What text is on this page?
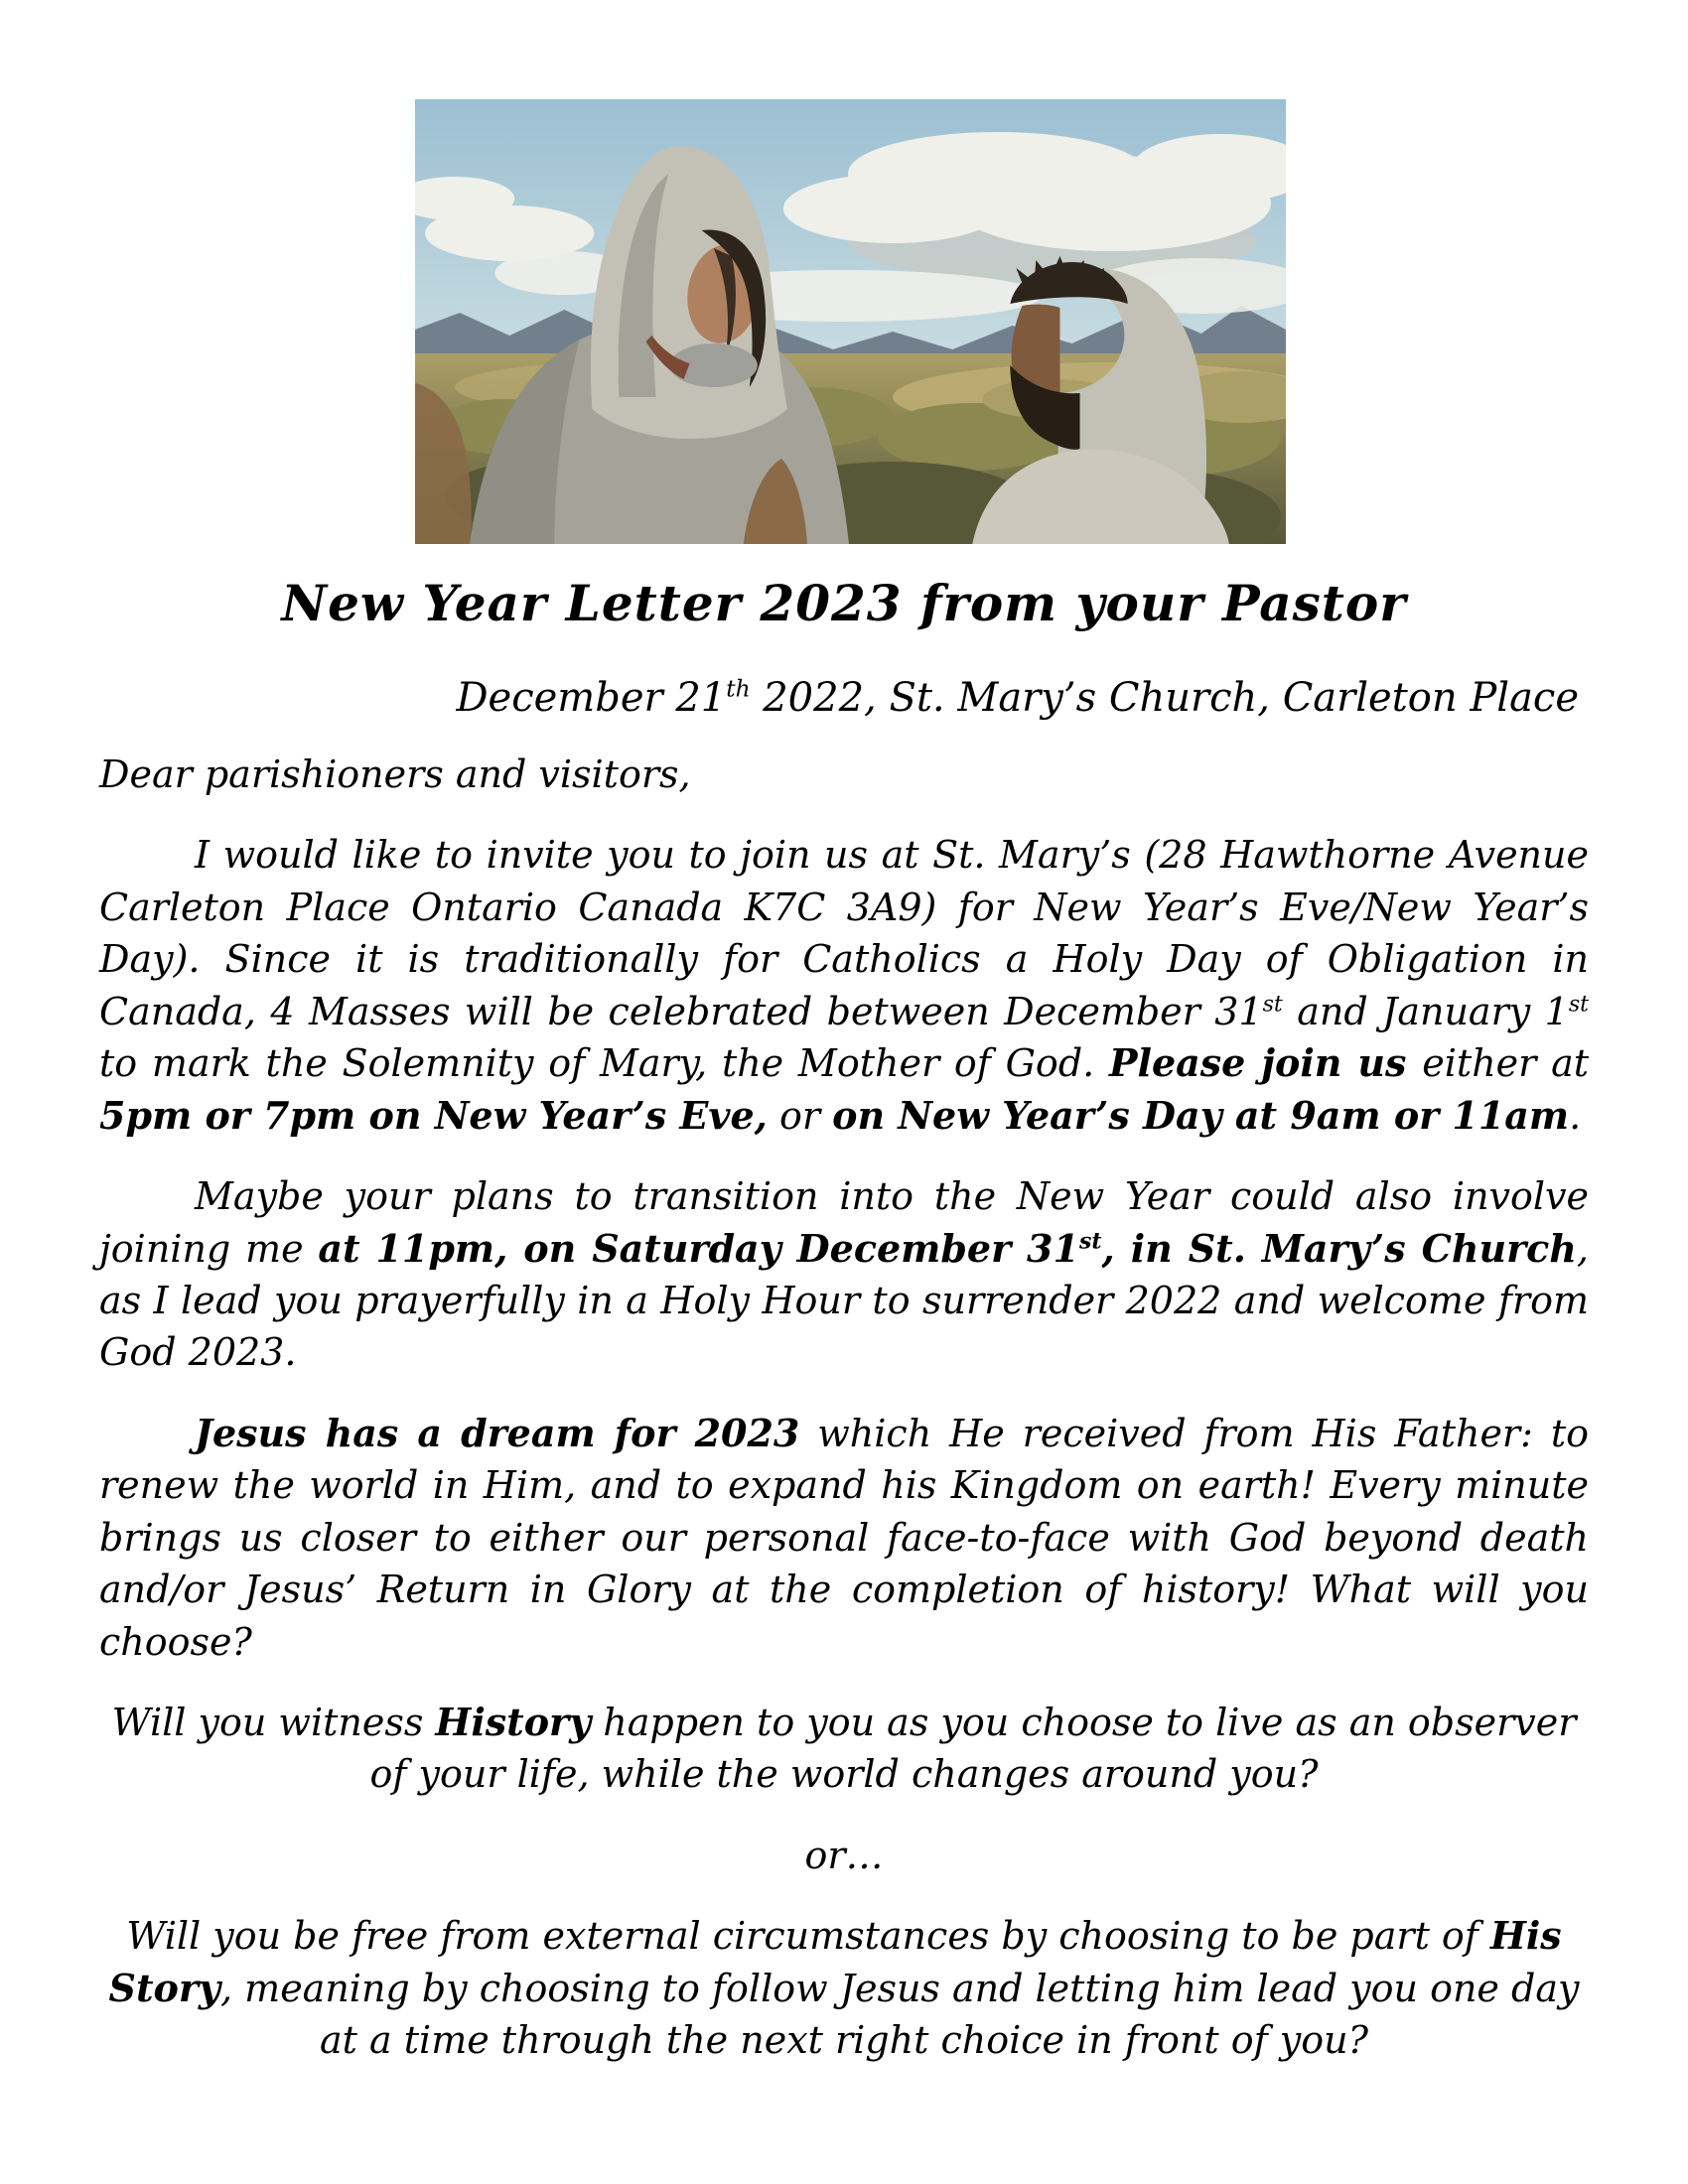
New Year Letter 2023 from your Pastor
December 21th 2022, St. Mary’s Church, Carleton Place

Dear parishioners and visitors,

I would like to invite you to join us at St. Mary’s (28 Hawthorne Avenue Carleton Place Ontario Canada K7C 3A9) for New Year’s Eve/New Year’s Day). Since it is traditionally for Catholics a Holy Day of Obligation in Canada, 4 Masses will be celebrated between December 31st and January 1st to mark the Solemnity of Mary, the Mother of God. Please join us either at 5pm or 7pm on New Year’s Eve, or on New Year’s Day at 9am or 11am.

Maybe your plans to transition into the New Year could also involve joining me at 11pm, on Saturday December 31st, in St. Mary’s Church, as I lead you prayerfully in a Holy Hour to surrender 2022 and welcome from God 2023.

Jesus has a dream for 2023 which He received from His Father: to renew the world in Him, and to expand his Kingdom on earth! Every minute brings us closer to either our personal face-to-face with God beyond death and/or Jesus’ Return in Glory at the completion of history! What will you choose?

Will you witness History happen to you as you choose to live as an observer of your life, while the world changes around you?

or…

Will you be free from external circumstances by choosing to be part of His Story, meaning by choosing to follow Jesus and letting him lead you one day at a time through the next right choice in front of you?
